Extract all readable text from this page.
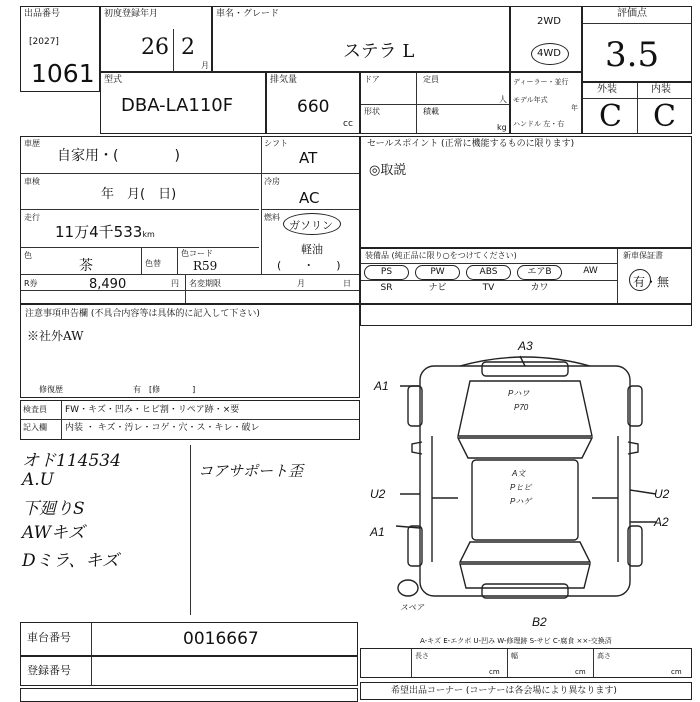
出品番号
[2027]
1061
初度登録年月
26 2
月
車名・グレード
ステラ L
2WD
4WD
評価点
3.5
型式
DBA-LA110F
排気量
660
cc
ドア	定員
人
形状	積載
kg
ディーラー・並行
モデル年式
年
ハンドル 左・右
外装	内装
C C
車歴
自家用・(　　　　)
シフト
AT
車検
年　月(　日)
冷房
AC
走行
11万4千533km
燃料
ガソリン
軽油
(　　・　　)
色
茶	色替
色コード
R59
R券	8,490	円 名変期限	月	日
セールスポイント (正常に機能するものに限ります)
◎取説
装備品 (純正品に限り○をつけてください)	新車保証書
PS	PW	ABS	エアB	AW
SR	ナビ	TV	カワ	有・無
注意事項申告欄 (不具合内容等は具体的に記入して下さい)
※社外AW
修復歴	有 [修　　　　]
検査員 FW・キズ・凹み・ヒビ割・リペア跡・×要
記入欄 内装 ・ キズ・汚レ・コゲ・穴・ス・キレ・破レ
オド114534
A.U
下廻りS
AWキズ
Dミラ、キズ
コアサポート歪
A3
A1
U2
A1
U2
A2
B2
Pハワ
P70
A文
Pヒビ
Pハゲ
スペア
車台番号	0016667
登録番号
A-キズ E-エクボ U-凹み W-修理跡 S-サビ C-腐食 ××-交換済
長さ	幅	高さ
cm	cm	cm
希望出品コーナー (コーナーは各会場により異なります)
